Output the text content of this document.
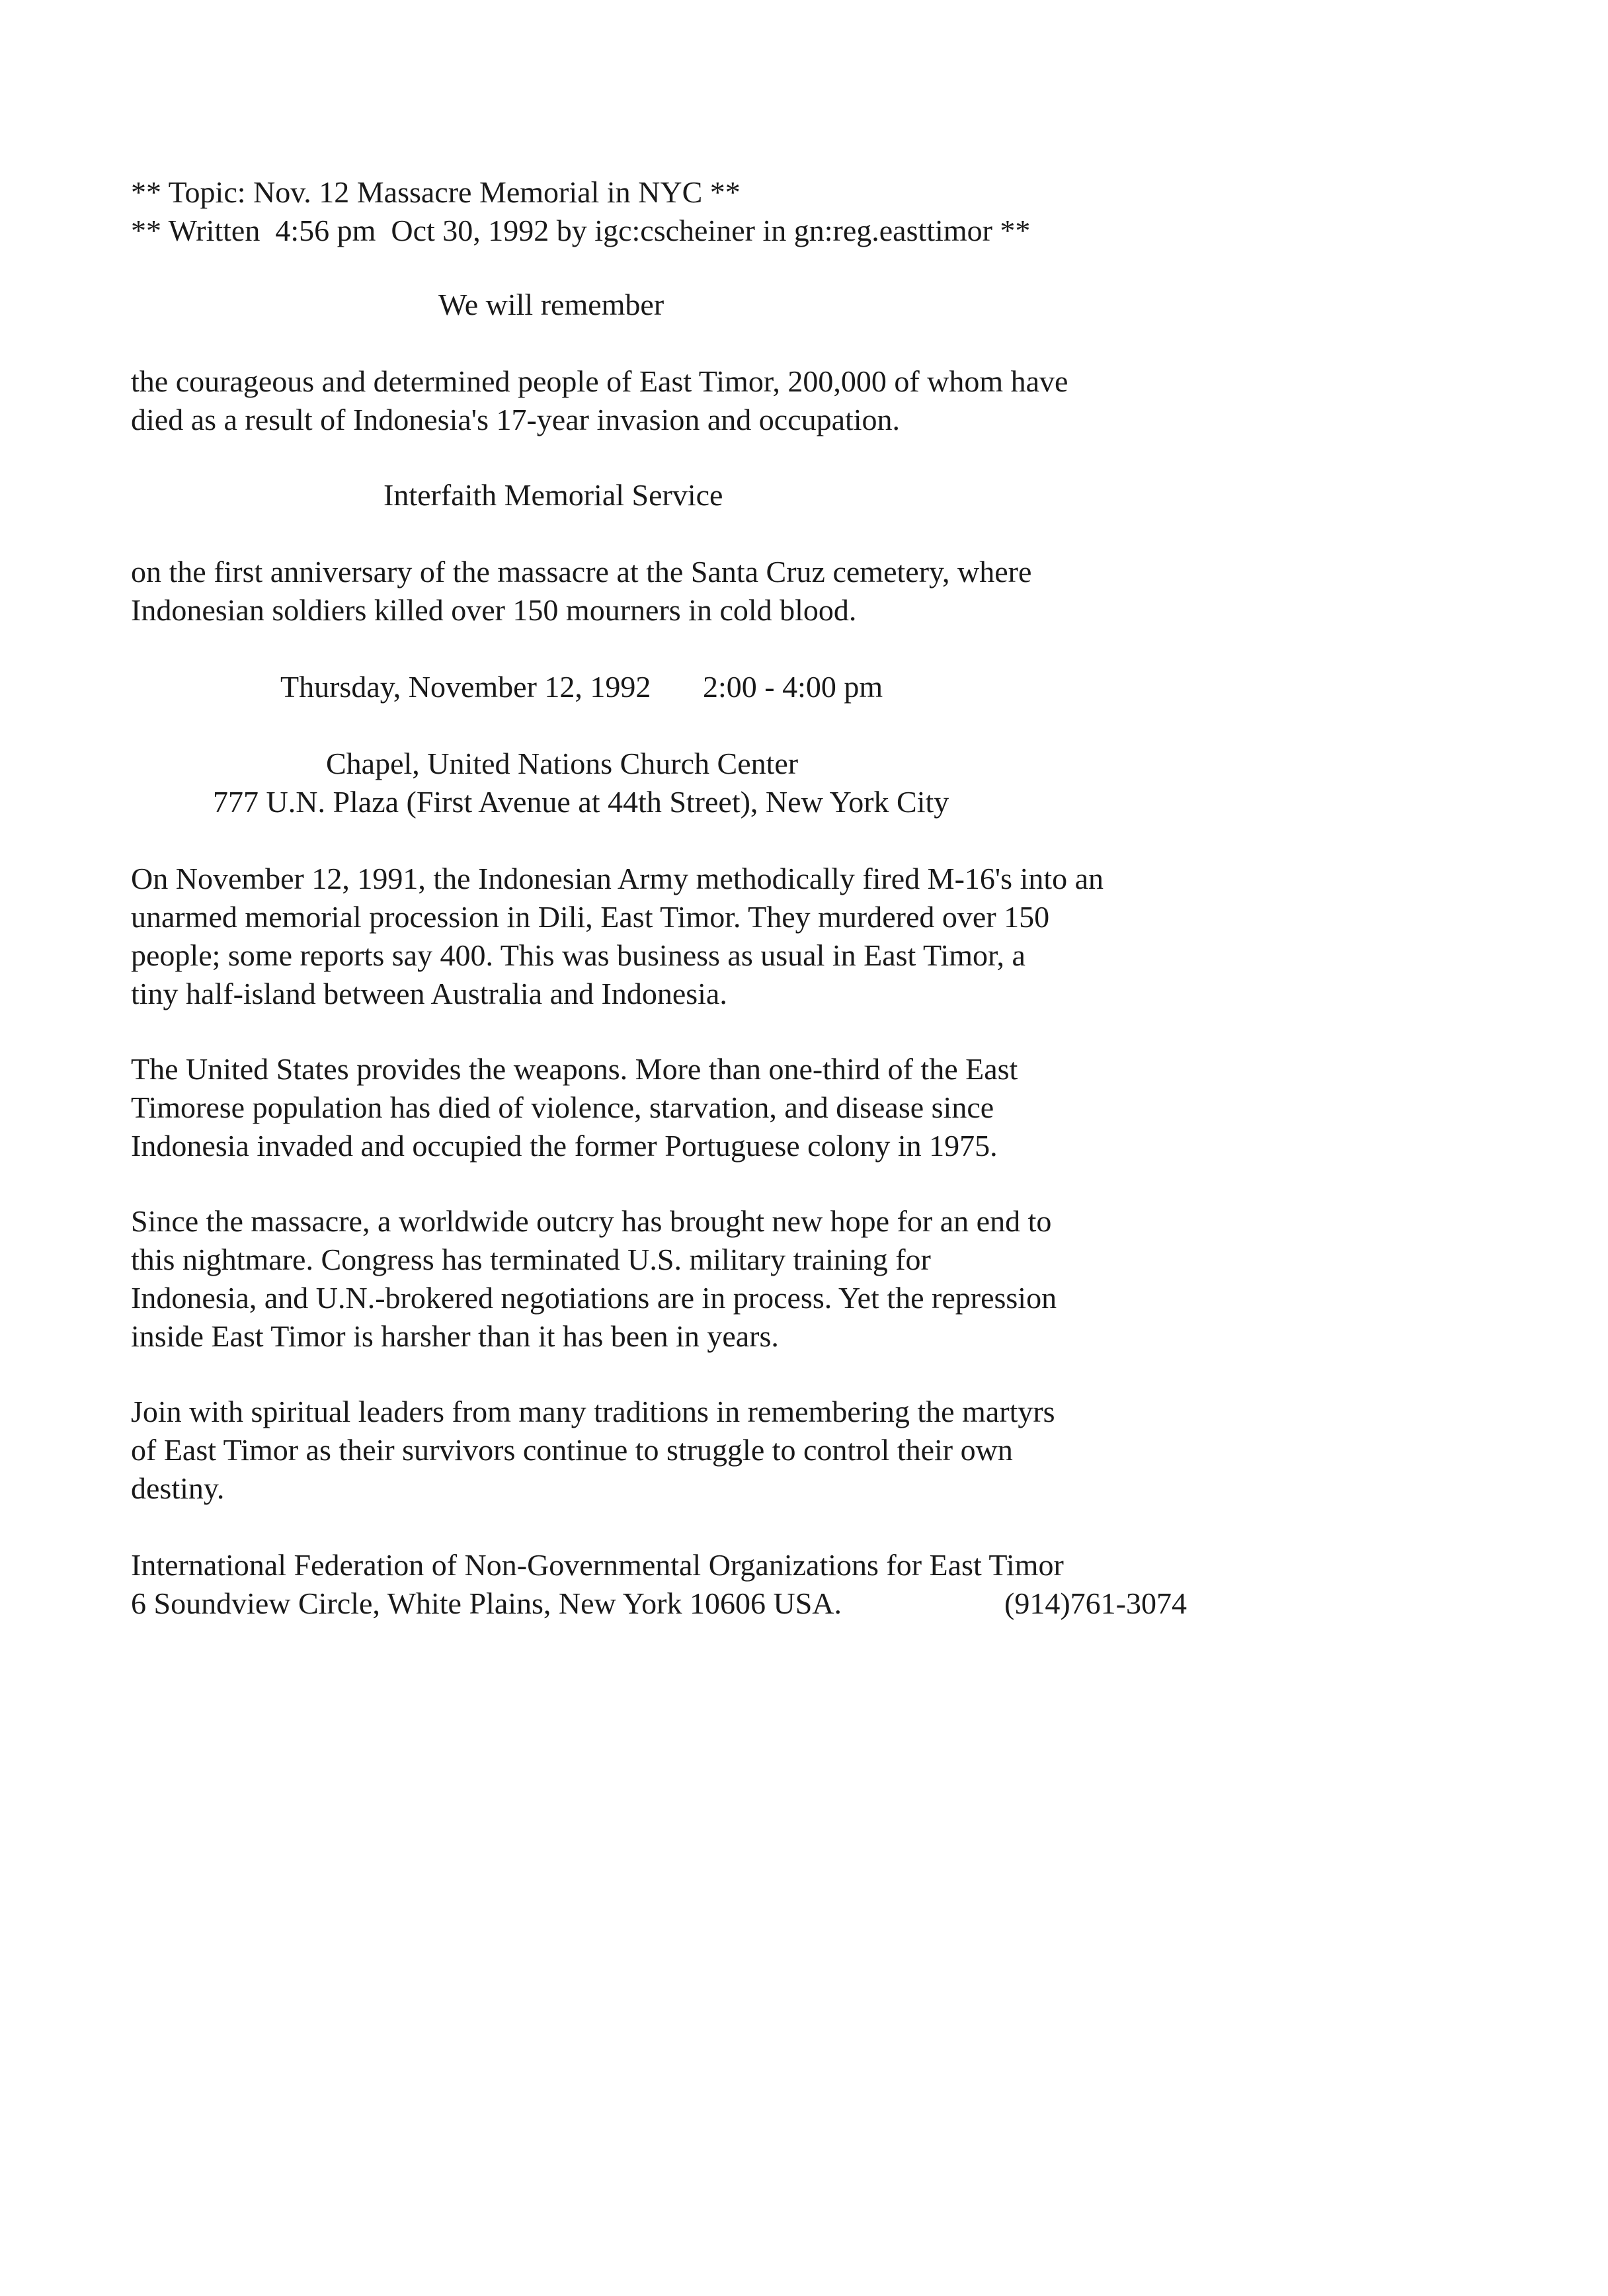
** Topic: Nov. 12 Massacre Memorial in NYC **

** Written  4:56 pm  Oct 30, 1992 by igc:cscheiner in gn:reg.easttimor **

We will remember

the courageous and determined people of East Timor, 200,000 of whom have
died as a result of Indonesia's 17-year invasion and occupation.

Interfaith Memorial Service

on the first anniversary of the massacre at the Santa Cruz cemetery, where
Indonesian soldiers killed over 150 mourners in cold blood.

Thursday, November 12, 1992 2:00 - 4:00 pm

Chapel, United Nations Church Center

777 U.N. Plaza (First Avenue at 44th Street), New York City

On November 12, 1991, the Indonesian Army methodically fired M-16's into an
unarmed memorial procession in Dili, East Timor. They murdered over 150
people; some reports say 400. This was business as usual in East Timor, a
tiny half-island between Australia and Indonesia.
The United States provides the weapons. More than one-third of the East
Timorese population has died of violence, starvation, and disease since
Indonesia invaded and occupied the former Portuguese colony in 1975.
Since the massacre, a worldwide outcry has brought new hope for an end to
this nightmare. Congress has terminated U.S. military training for
Indonesia, and U.N.-brokered negotiations are in process. Yet the repression
inside East Timor is harsher than it has been in years.
Join with spiritual leaders from many traditions in remembering the martyrs
of East Timor as their survivors continue to struggle to control their own
destiny.

International Federation of Non-Governmental Organizations for East Timor

6 Soundview Circle, White Plains, New York 10606 USA.	(914)761-3074
